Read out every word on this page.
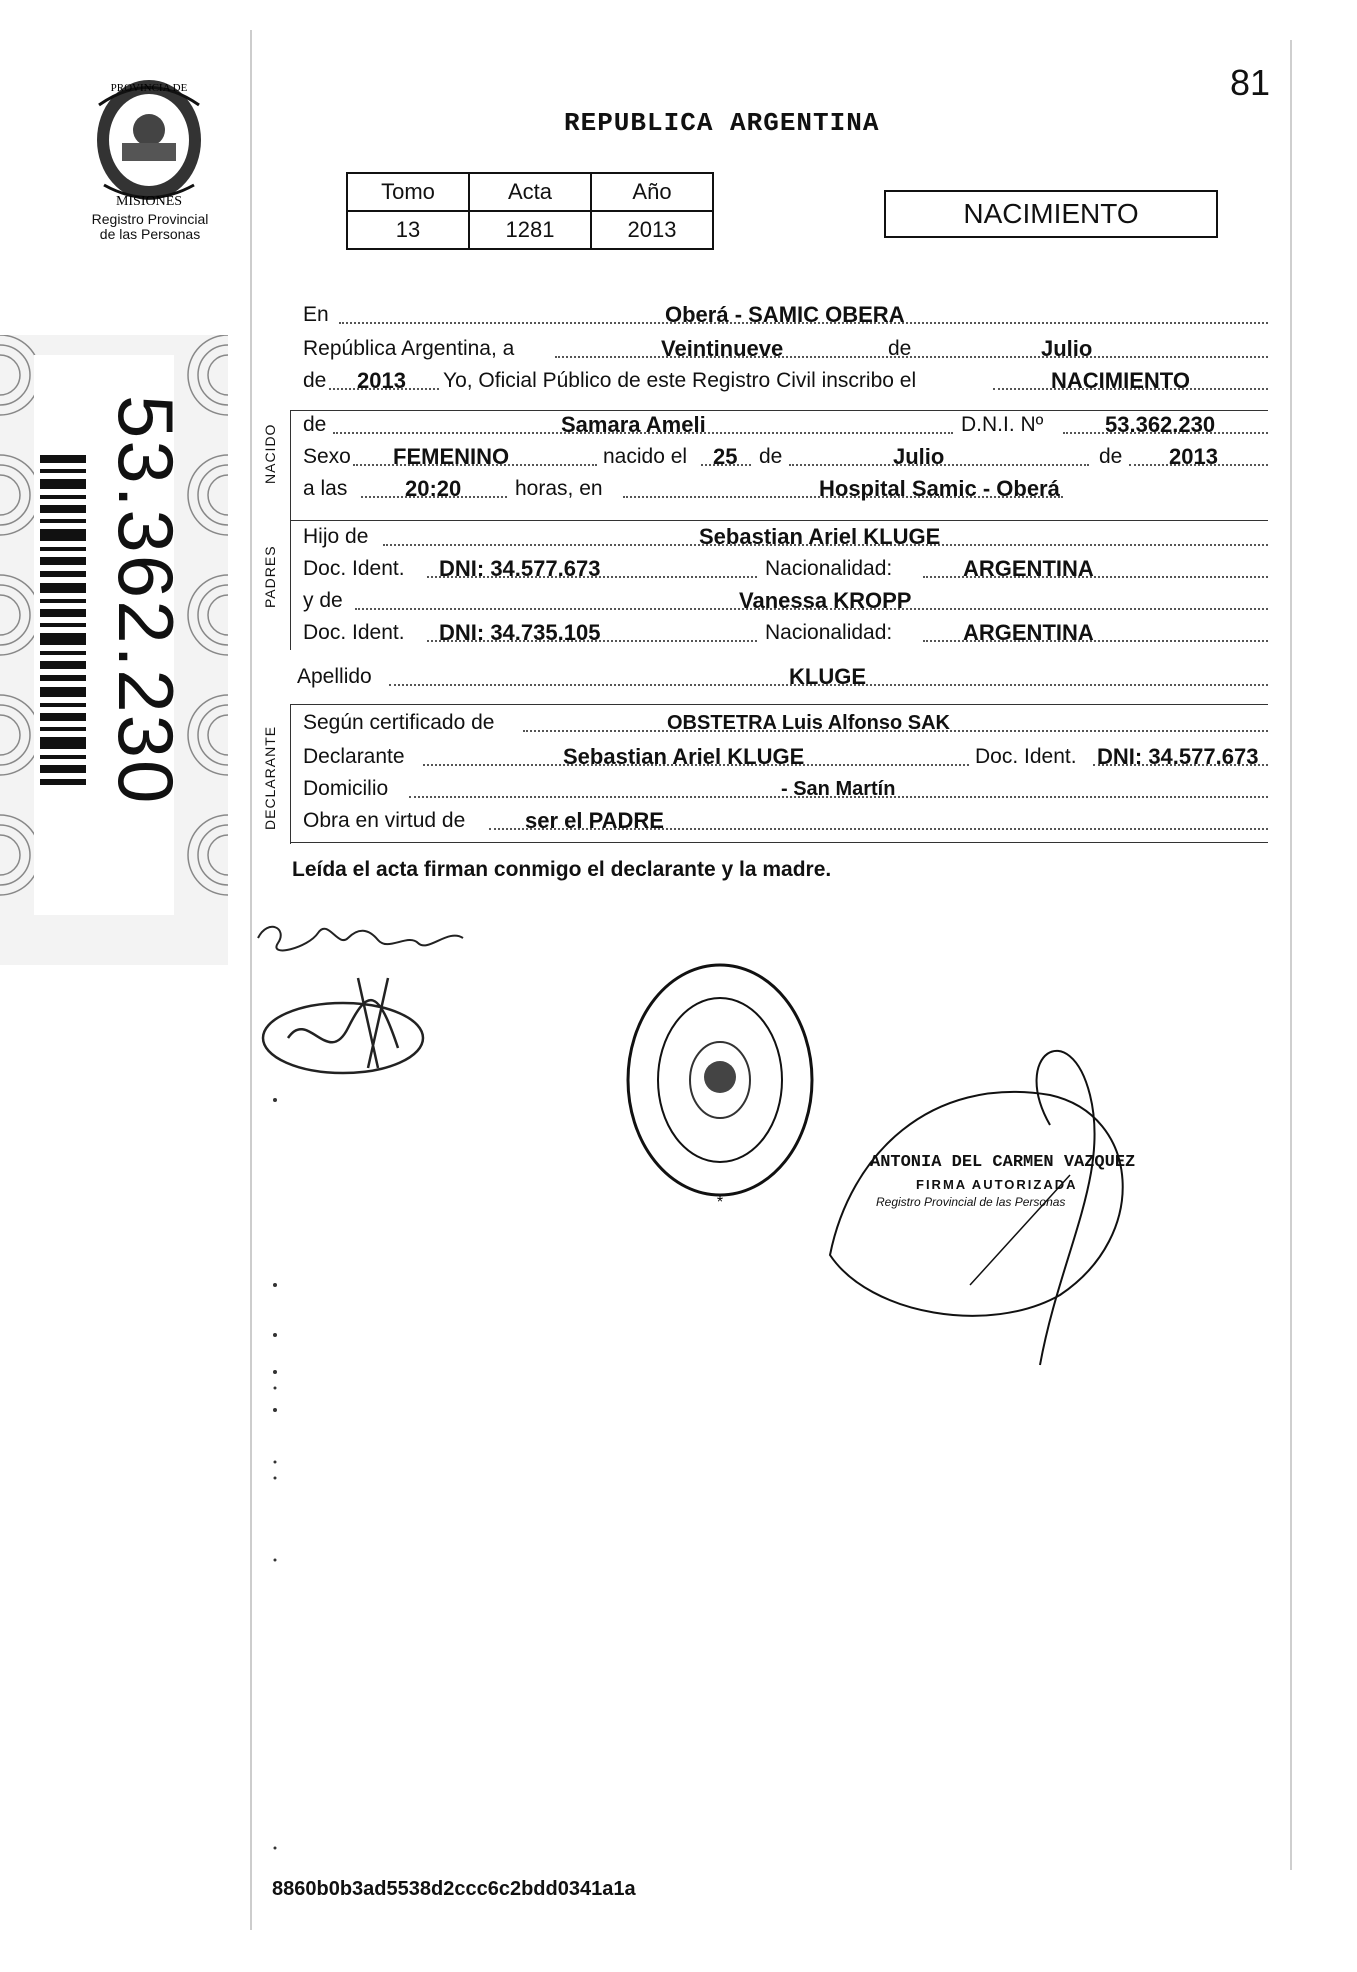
PROVINCIA DE
MISIONES
Registro Provincial
de las Personas
81
REPUBLICA ARGENTINA
Tomo	Acta	Año
13	1281	2013
NACIMIENTO
En	Oberá - SAMIC OBERA
República Argentina, a	Veintinueve	de	Julio
de 2013 Yo, Oficial Público de este Registro Civil inscribo el	NACIMIENTO
NACIDO de	Samara Ameli	D.N.I. Nº	53.362.230
Sexo FEMENINO	nacido el 25 de	Julio	de 2013
a las	20:20	horas, en	Hospital Samic - Oberá
PADRES
Hijo de	Sebastian Ariel KLUGE
Doc. Ident. DNI: 34.577.673	Nacionalidad:	ARGENTINA
y de	Vanessa KROPP
Doc. Ident. DNI: 34.735.105	Nacionalidad:	ARGENTINA
Apellido	KLUGE
DECLARANTE
Según certificado de	OBSTETRA Luis Alfonso SAK
Declarante	Sebastian Ariel KLUGE	Doc. Ident. DNI: 34.577.673
Domicilio	- San Martín
Obra en virtud de	ser el PADRE
Leída el acta firman conmigo el declarante y la madre.
53.362.230
*
ANTONIA DEL CARMEN VAZQUEZ
FIRMA AUTORIZADA
Registro Provincial de las Personas
8860b0b3ad5538d2ccc6c2bdd0341a1a
